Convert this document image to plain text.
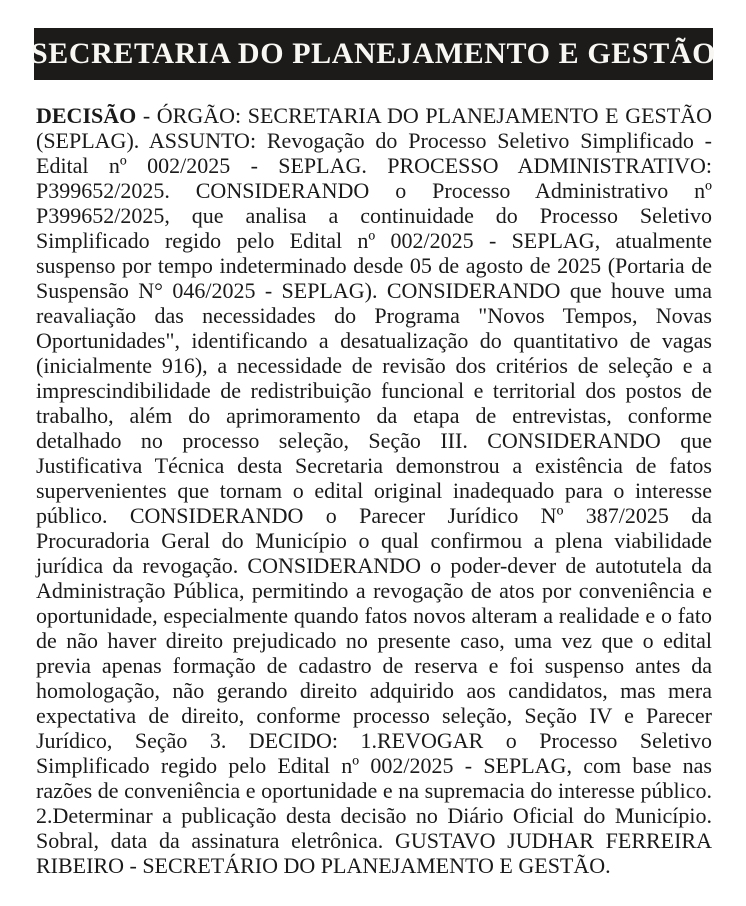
SECRETARIA DO PLANEJAMENTO E GESTÃO

DECISÃO - ÓRGÃO: SECRETARIA DO PLANEJAMENTO E GESTÃO (SEPLAG). ASSUNTO: Revogação do Processo Seletivo Simplificado - Edital nº 002/2025 - SEPLAG. PROCESSO ADMINISTRATIVO: P399652/2025. CONSIDERANDO o Processo Administrativo nº P399652/2025, que analisa a continuidade do Processo Seletivo Simplificado regido pelo Edital nº 002/2025 - SEPLAG, atualmente suspenso por tempo indeterminado desde 05 de agosto de 2025 (Portaria de Suspensão N° 046/2025 - SEPLAG). CONSIDERANDO que houve uma reavaliação das necessidades do Programa "Novos Tempos, Novas Oportunidades", identificando a desatualização do quantitativo de vagas (inicialmente 916), a necessidade de revisão dos critérios de seleção e a imprescindibilidade de redistribuição funcional e territorial dos postos de trabalho, além do aprimoramento da etapa de entrevistas, conforme detalhado no processo seleção, Seção III. CONSIDERANDO que Justificativa Técnica desta Secretaria demonstrou a existência de fatos supervenientes que tornam o edital original inadequado para o interesse público. CONSIDERANDO o Parecer Jurídico Nº 387/2025 da Procuradoria Geral do Município o qual confirmou a plena viabilidade jurídica da revogação. CONSIDERANDO o poder-dever de autotutela da Administração Pública, permitindo a revogação de atos por conveniência e oportunidade, especialmente quando fatos novos alteram a realidade e o fato de não haver direito prejudicado no presente caso, uma vez que o edital previa apenas formação de cadastro de reserva e foi suspenso antes da homologação, não gerando direito adquirido aos candidatos, mas mera expectativa de direito, conforme processo seleção, Seção IV e Parecer Jurídico, Seção 3. DECIDO: 1.REVOGAR o Processo Seletivo Simplificado regido pelo Edital nº 002/2025 - SEPLAG, com base nas razões de conveniência e oportunidade e na supremacia do interesse público. 2.Determinar a publicação desta decisão no Diário Oficial do Município. Sobral, data da assinatura eletrônica. GUSTAVO JUDHAR FERREIRA RIBEIRO - SECRETÁRIO DO PLANEJAMENTO E GESTÃO.
